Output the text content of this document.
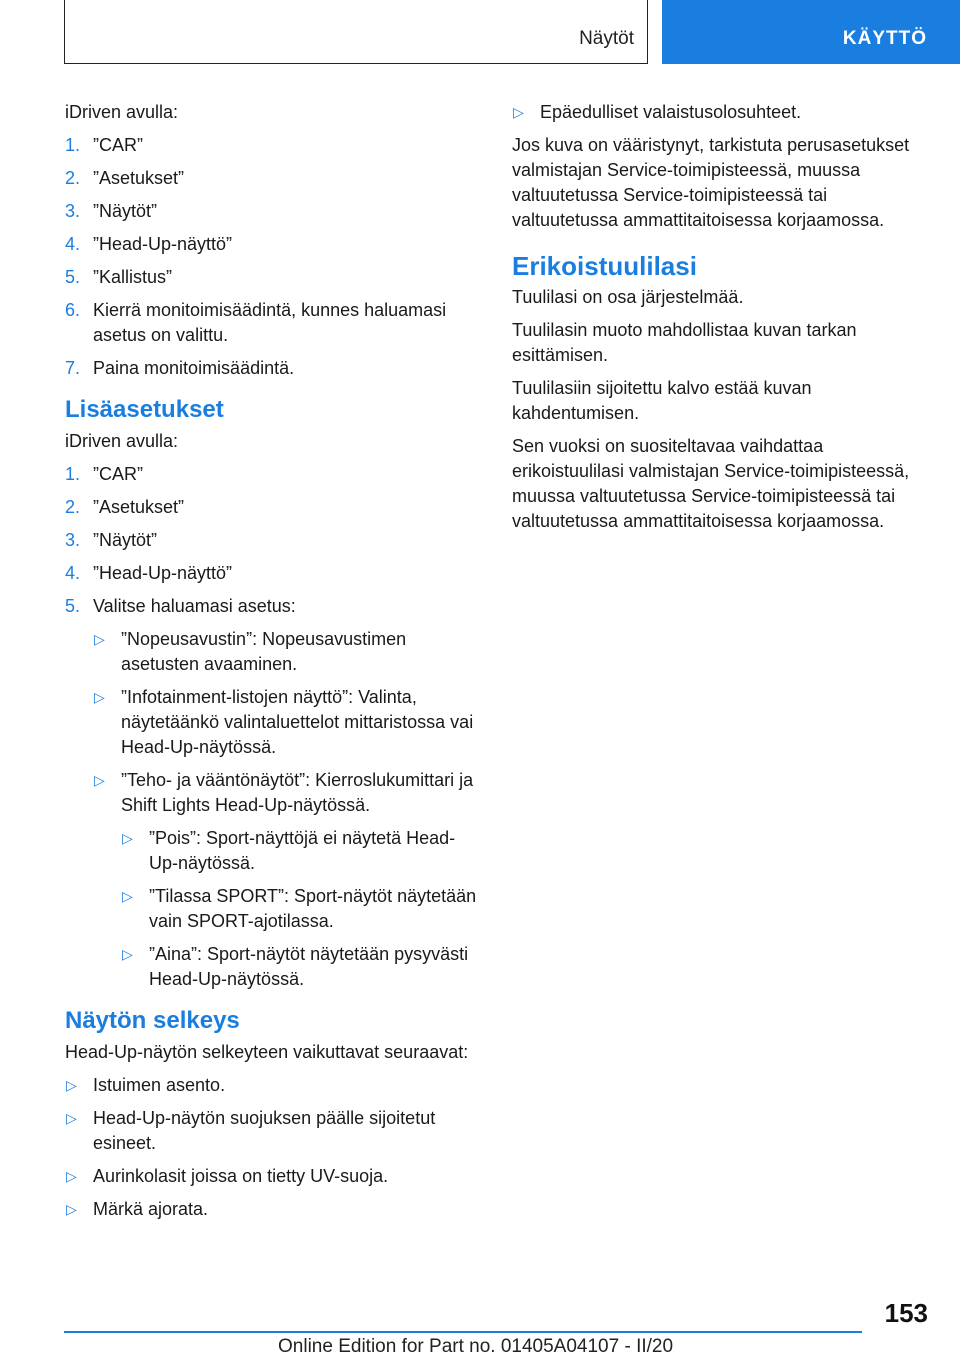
Näytöt	KÄYTTÖ

iDriven avulla:

1. ”CAR”
2. ”Asetukset”
3. ”Näytöt”
4. ”Head-Up-näyttö”
5. ”Kallistus”
6. Kierrä monitoimisäädintä, kunnes haluamasi asetus on valittu.
7. Paina monitoimisäädintä.
Lisäasetukset

iDriven avulla:

1. ”CAR”
2. ”Asetukset”
3. ”Näytöt”
4. ”Head-Up-näyttö”
5. Valitse haluamasi asetus:
▷ ”Nopeusavustin”: Nopeusavustimen asetusten avaaminen.
▷ ”Infotainment-listojen näyttö”: Valinta, näytetäänkö valintaluettelot mittaristossa vai Head-Up-näytössä.
▷ ”Teho- ja vääntönäytöt”: Kierroslukumittari ja Shift Lights Head-Up-näytössä.
▷ ”Pois”: Sport-näyttöjä ei näytetä Head-Up-näytössä.
▷ ”Tilassa SPORT”: Sport-näytöt näytetään vain SPORT-ajotilassa.
▷ ”Aina”: Sport-näytöt näytetään pysyvästi Head-Up-näytössä.
Näytön selkeys

Head-Up-näytön selkeyteen vaikuttavat seuraavat:

▷ Istuimen asento.
▷ Head-Up-näytön suojuksen päälle sijoitetut esineet.
▷ Aurinkolasit joissa on tietty UV-suoja.
▷ Märkä ajorata.
▷ Epäedulliset valaistusolosuhteet.

Jos kuva on vääristynyt, tarkistuta perusasetukset valmistajan Service-toimipisteessä, muussa valtuutetussa Service-toimipisteessä tai valtuutetussa ammattitaitoisessa korjaamossa.

Erikoistuulilasi

Tuulilasi on osa järjestelmää.

Tuulilasin muoto mahdollistaa kuvan tarkan esittämisen.

Tuulilasiin sijoitettu kalvo estää kuvan kahdentumisen.

Sen vuoksi on suositeltavaa vaihdattaa erikoistuulilasi valmistajan Service-toimipisteessä, muussa valtuutetussa Service-toimipisteessä tai valtuutetussa ammattitaitoisessa korjaamossa.

153
Online Edition for Part no. 01405A04107 - II/20
